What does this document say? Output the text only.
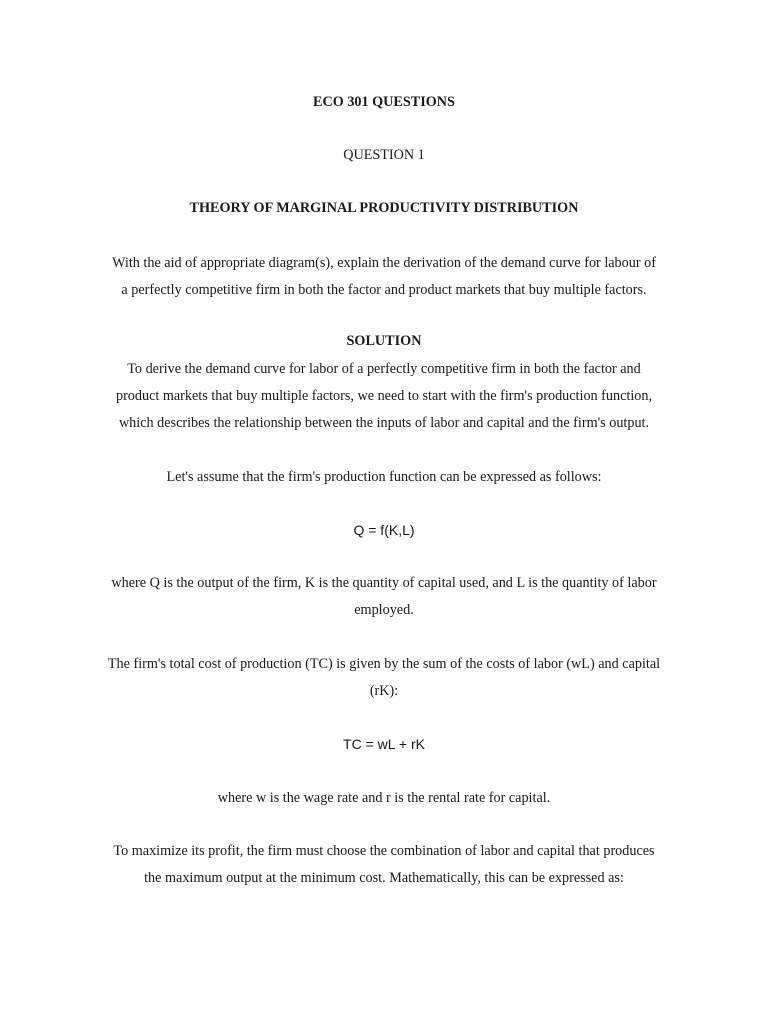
ECO 301 QUESTIONS
QUESTION 1
THEORY OF MARGINAL PRODUCTIVITY DISTRIBUTION
With the aid of appropriate diagram(s), explain the derivation of the demand curve for labour of
a perfectly competitive firm in both the factor and product markets that buy multiple factors.
SOLUTION
To derive the demand curve for labor of a perfectly competitive firm in both the factor and
product markets that buy multiple factors, we need to start with the firm's production function,
which describes the relationship between the inputs of labor and capital and the firm's output.
Let's assume that the firm's production function can be expressed as follows:
Q = f(K,L)
where Q is the output of the firm, K is the quantity of capital used, and L is the quantity of labor
employed.
The firm's total cost of production (TC) is given by the sum of the costs of labor (wL) and capital
(rK):
TC = wL + rK
where w is the wage rate and r is the rental rate for capital.
To maximize its profit, the firm must choose the combination of labor and capital that produces
the maximum output at the minimum cost. Mathematically, this can be expressed as:
